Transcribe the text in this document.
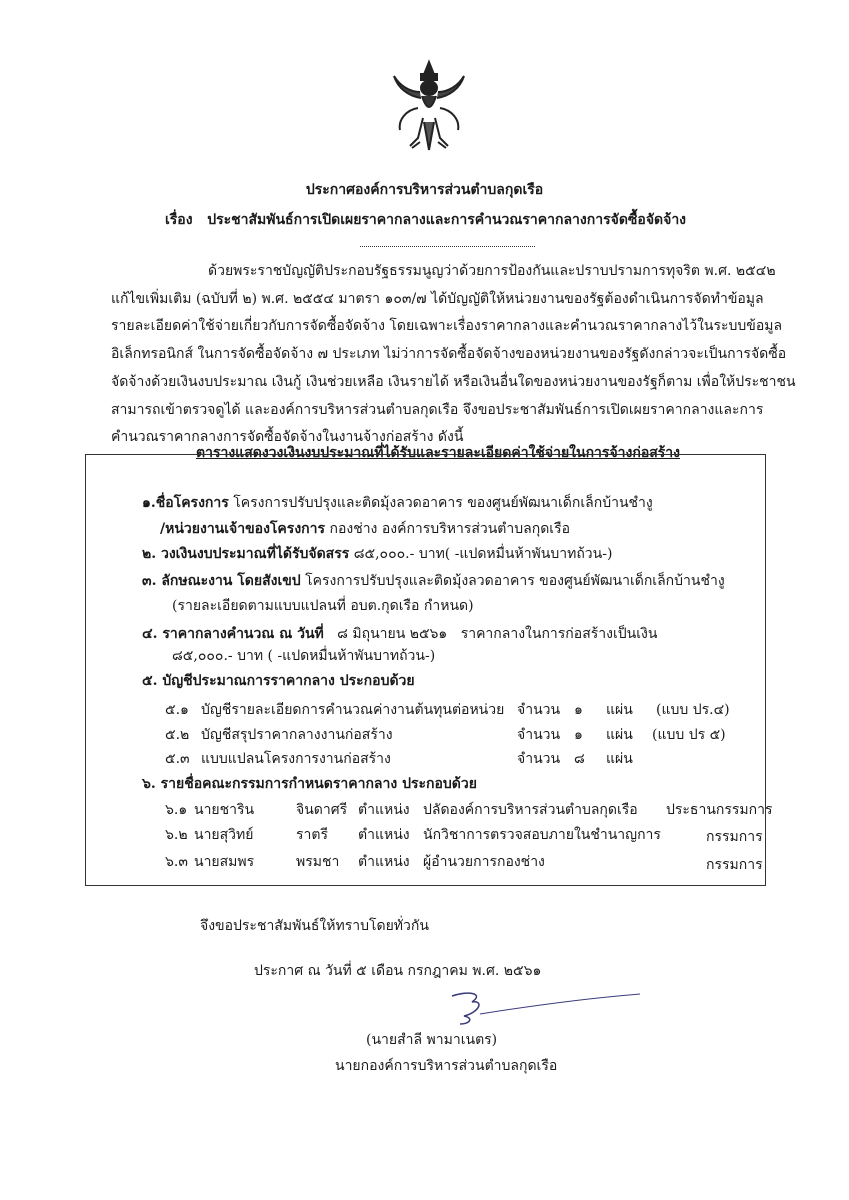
ประกาศองค์การบริหารส่วนตำบลกุดเรือ
เรื่อง ประชาสัมพันธ์การเปิดเผยราคากลางและการคำนวณราคากลางการจัดซื้อจัดจ้าง
ด้วยพระราชบัญญัติประกอบรัฐธรรมนูญว่าด้วยการป้องกันและปราบปรามการทุจริต พ.ศ. ๒๕๔๒
แก้ไขเพิ่มเติม (ฉบับที่ ๒) พ.ศ. ๒๕๕๔ มาตรา ๑๐๓/๗ ได้บัญญัติให้หน่วยงานของรัฐต้องดำเนินการจัดทำข้อมูล
รายละเอียดค่าใช้จ่ายเกี่ยวกับการจัดซื้อจัดจ้าง โดยเฉพาะเรื่องราคากลางและคำนวณราคากลางไว้ในระบบข้อมูล
อิเล็กทรอนิกส์ ในการจัดซื้อจัดจ้าง ๗ ประเภท ไม่ว่าการจัดซื้อจัดจ้างของหน่วยงานของรัฐดังกล่าวจะเป็นการจัดซื้อ
จัดจ้างด้วยเงินงบประมาณ เงินกู้ เงินช่วยเหลือ เงินรายได้ หรือเงินอื่นใดของหน่วยงานของรัฐก็ตาม เพื่อให้ประชาชน
สามารถเข้าตรวจดูได้ และองค์การบริหารส่วนตำบลกุดเรือ จึงขอประชาสัมพันธ์การเปิดเผยราคากลางและการ
คำนวณราคากลางการจัดซื้อจัดจ้างในงานจ้างก่อสร้าง ดังนี้
ตารางแสดงวงเงินงบประมาณที่ได้รับและรายละเอียดค่าใช้จ่ายในการจ้างก่อสร้าง
๑.ชื่อโครงการ โครงการปรับปรุงและติดมุ้งลวดอาคาร ของศูนย์พัฒนาเด็กเล็กบ้านชำงู
/หน่วยงานเจ้าของโครงการ กองช่าง องค์การบริหารส่วนตำบลกุดเรือ
๒. วงเงินงบประมาณที่ได้รับจัดสรร ๘๕,๐๐๐.- บาท( -แปดหมื่นห้าพันบาทถ้วน-)
๓. ลักษณะงาน โดยสังเขป โครงการปรับปรุงและติดมุ้งลวดอาคาร ของศูนย์พัฒนาเด็กเล็กบ้านชำงู
(รายละเอียดตามแบบแปลนที่ อบต.กุดเรือ กำหนด)
๔. ราคากลางคำนวณ ณ วันที่ ๘ มิถุนายน ๒๕๖๑ ราคากลางในการก่อสร้างเป็นเงิน
๘๕,๐๐๐.- บาท ( -แปดหมื่นห้าพันบาทถ้วน-)
๕. บัญชีประมาณการราคากลาง ประกอบด้วย
๕.๑ บัญชีรายละเอียดการคำนวณค่างานต้นทุนต่อหน่วย จำนวน ๑ แผ่น (แบบ ปร.๔)
๕.๒ บัญชีสรุปราคากลางงานก่อสร้าง	จำนวน ๑ แผ่น (แบบ ปร ๕)
๕.๓ แบบแปลนโครงการงานก่อสร้าง	จำนวน ๘ แผ่น
๖. รายชื่อคณะกรรมการกำหนดราคากลาง ประกอบด้วย
๖.๑ นายชาริน	จินดาศรี ตำแหน่ง ปลัดองค์การบริหารส่วนตำบลกุดเรือ ประธานกรรมการ
๖.๒ นายสุวิทย์	ราตรี ตำแหน่ง นักวิชาการตรวจสอบภายในชำนาญการ	กรรมการ
๖.๓ นายสมพร	พรมชา ตำแหน่ง ผู้อำนวยการกองช่าง	กรรมการ
จึงขอประชาสัมพันธ์ให้ทราบโดยทั่วกัน
ประกาศ ณ วันที่ ๕ เดือน กรกฎาคม พ.ศ. ๒๕๖๑
(นายสำลี พามาเนตร)
นายกองค์การบริหารส่วนตำบลกุดเรือ
